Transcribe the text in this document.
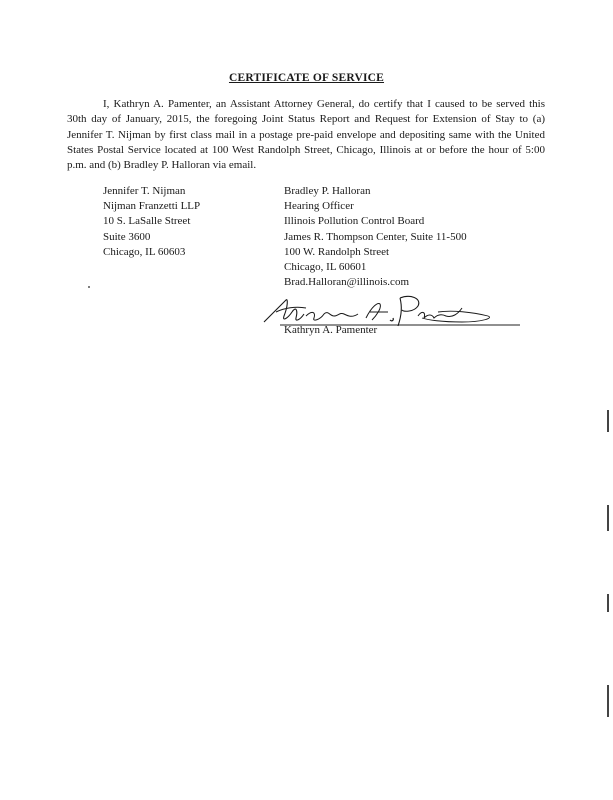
CERTIFICATE OF SERVICE

I, Kathryn A. Pamenter, an Assistant Attorney General, do certify that I caused to be served this 30th day of January, 2015, the foregoing Joint Status Report and Request for Extension of Stay to (a) Jennifer T. Nijman by first class mail in a postage pre-paid envelope and depositing same with the United States Postal Service located at 100 West Randolph Street, Chicago, Illinois at or before the hour of 5:00 p.m. and (b) Bradley P. Halloran via email.

Jennifer T. Nijman
Nijman Franzetti LLP
10 S. LaSalle Street
Suite 3600
Chicago, IL 60603
Bradley P. Halloran
Hearing Officer
Illinois Pollution Control Board
James R. Thompson Center, Suite 11-500
100 W. Randolph Street
Chicago, IL 60601
Brad.Halloran@illinois.com
Kathryn A. Pamenter
